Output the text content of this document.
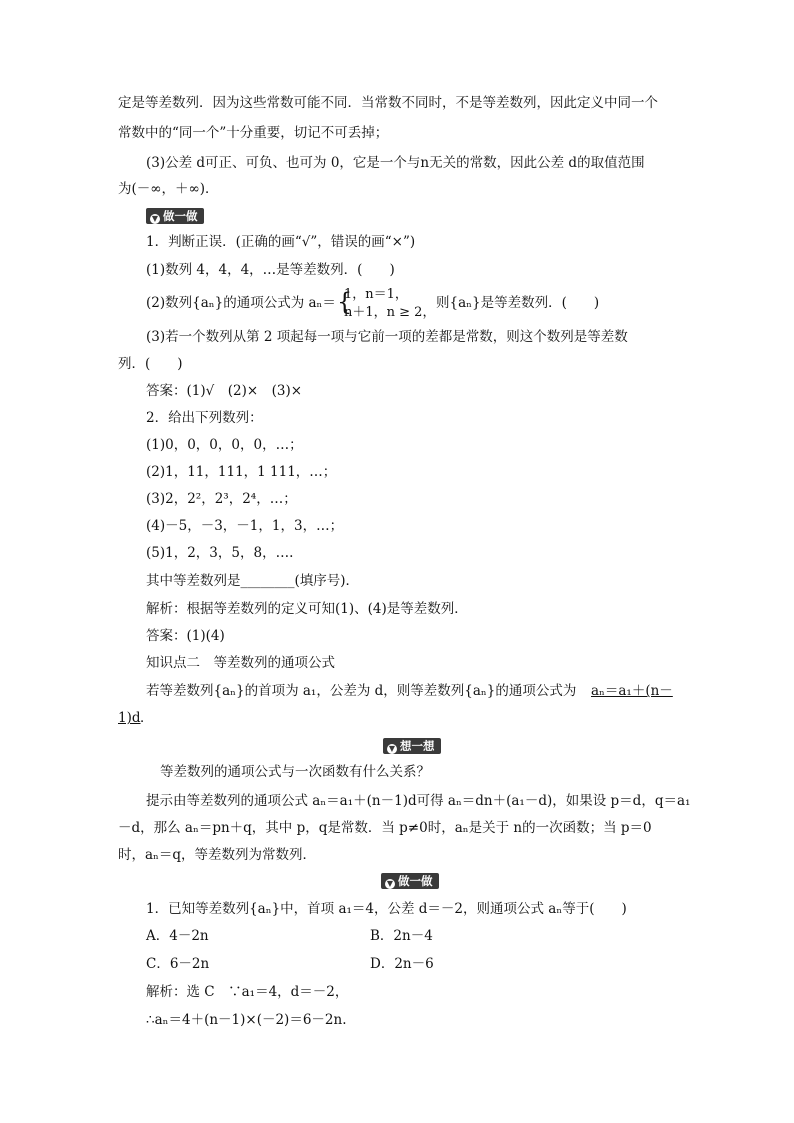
定是等差数列．因为这些常数可能不同．当常数不同时，不是等差数列，因此定义中同一个
常数中的“同一个”十分重要，切记不可丢掉；
(3)公差 d可正、可负、也可为 0，它是一个与n无关的常数，因此公差 d的取值范围
为(－∞，＋∞)．
▼ 做一做
1．判断正误．(正确的画“√”，错误的画“×”)
(1)数列 4，4，4，…是等差数列．(　　)
(2)数列{aₙ}的通项公式为 aₙ＝ {
1，n＝1，
n＋1，n ≥ 2，
则{aₙ}是等差数列．(　　)
(3)若一个数列从第 2 项起每一项与它前一项的差都是常数，则这个数列是等差数
列．(　　)
答案：(1)√　(2)×　(3)×
2．给出下列数列：
(1)0，0，0，0，0，…；
(2)1，11，111，1 111，…；
(3)2，2²，2³，2⁴，…；
(4)－5，－3，－1，1，3，…；
(5)1，2，3，5，8，….
其中等差数列是________(填序号)．
解析：根据等差数列的定义可知(1)、(4)是等差数列．
答案：(1)(4)
知识点二　等差数列的通项公式
若等差数列{aₙ}的首项为 a₁，公差为 d，则等差数列{aₙ}的通项公式为 aₙ＝a₁＋(n－
1)d ．
▼ 想一想
等差数列的通项公式与一次函数有什么关系？
提示由等差数列的通项公式 aₙ＝a₁＋(n－1)d可得 aₙ＝dn＋(a₁－d)，如果设 p＝d，q＝a₁
－d，那么 aₙ＝pn＋q，其中 p，q是常数．当 p≠0时，aₙ是关于 n的一次函数；当 p＝0
时，aₙ＝q，等差数列为常数列．
▼ 做一做
1．已知等差数列{aₙ}中，首项 a₁＝4，公差 d＝－2，则通项公式 aₙ等于(　　)
A．4－2n	B．2n－4
C．6－2n	D．2n－6
解析：选 C　∵a₁＝4，d＝－2，
∴aₙ＝4＋(n－1)×(－2)＝6－2n.
